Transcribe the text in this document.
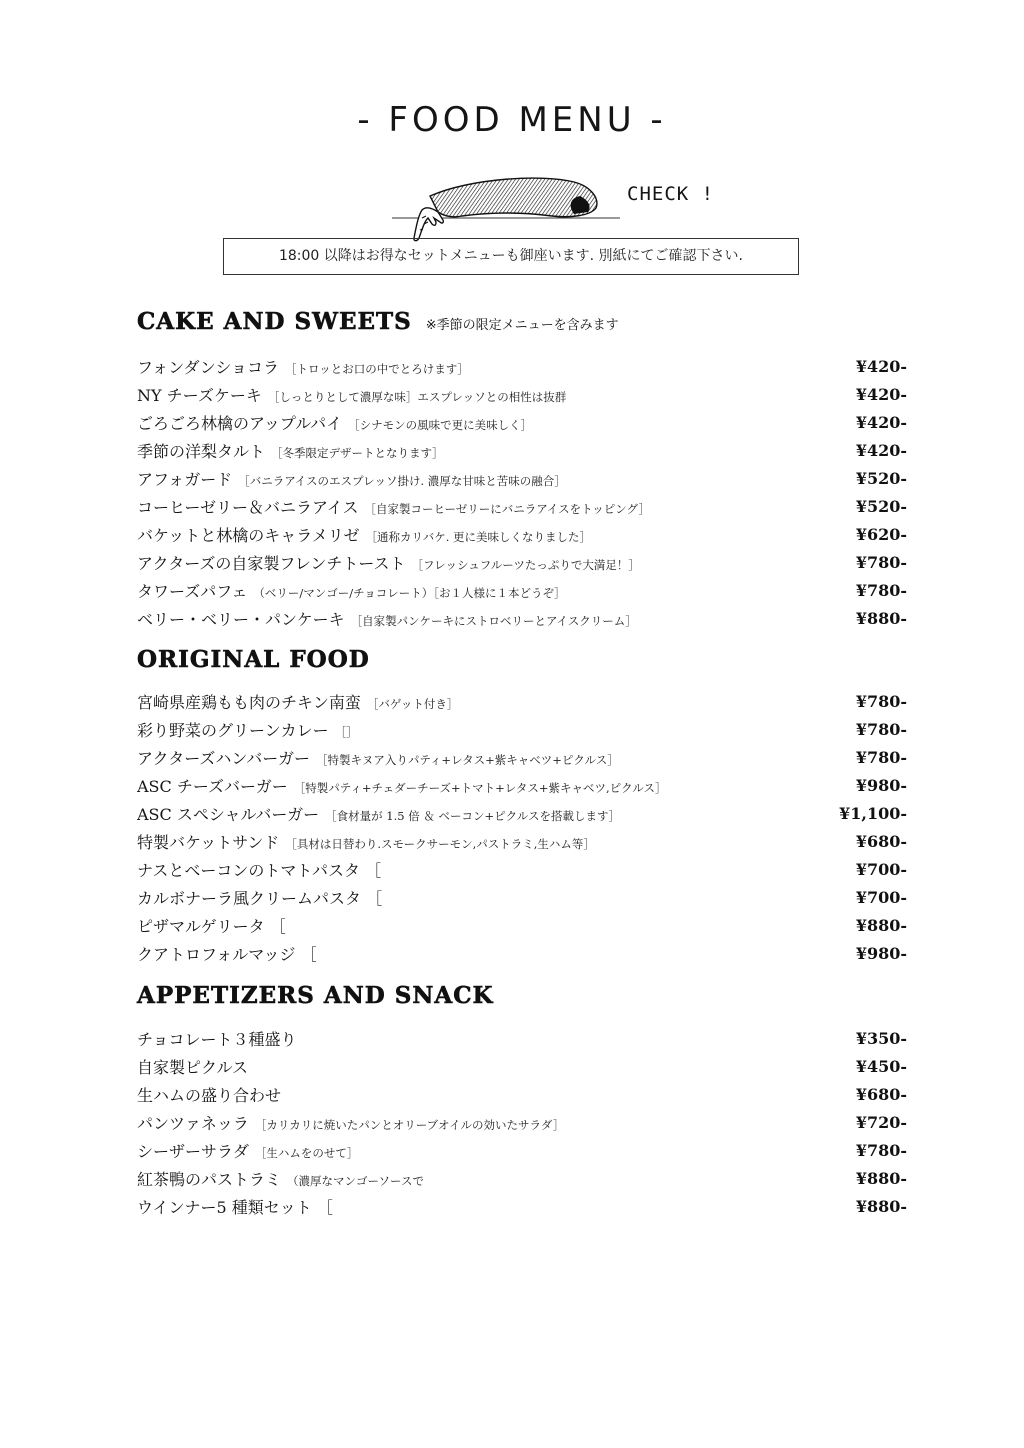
- FOOD MENU -
CHECK !
18:00 以降はお得なセットメニューも御座います. 別紙にてご確認下さい.
CAKE AND SWEETS ※季節の限定メニューを含みます
フォンダンショコラ ［トロッとお口の中でとろけます］	¥420-
NY チーズケーキ ［しっとりとして濃厚な味］エスプレッソとの相性は抜群	¥420-
ごろごろ林檎のアップルパイ ［シナモンの風味で更に美味しく］	¥420-
季節の洋梨タルト ［冬季限定デザートとなります］	¥420-
アフォガード ［バニラアイスのエスプレッソ掛け. 濃厚な甘味と苦味の融合］	¥520-
コーヒーゼリー＆バニラアイス ［自家製コーヒーゼリーにバニラアイスをトッピング］	¥520-
バケットと林檎のキャラメリゼ ［通称カリバケ. 更に美味しくなりました］	¥620-
アクターズの自家製フレンチトースト ［フレッシュフルーツたっぷりで大満足！］	¥780-
タワーズパフェ （ベリー/マンゴー/チョコレート）［お１人様に１本どうぞ］	¥780-
ベリー・ベリー・パンケーキ ［自家製パンケーキにストロベリーとアイスクリーム］	¥880-
ORIGINAL FOOD
宮崎県産鶏もも肉のチキン南蛮 ［バゲット付き］	¥780-
彩り野菜のグリーンカレー ［］	¥780-
アクターズハンバーガー ［特製キヌア入りパティ+レタス+紫キャベツ+ピクルス］	¥780-
ASC チーズバーガー ［特製パティ+チェダーチーズ+トマト+レタス+紫キャベツ,ピクルス］	¥980-
ASC スペシャルバーガー ［食材量が 1.5 倍 ＆ ベーコン+ピクルスを搭載します］	¥1,100-
特製バケットサンド ［具材は日替わり.スモークサーモン,パストラミ,生ハム等］	¥680-
ナスとベーコンのトマトパスタ ［	¥700-
カルボナーラ風クリームパスタ ［	¥700-
ピザマルゲリータ ［	¥880-
クアトロフォルマッジ ［	¥980-
APPETIZERS AND SNACK
チョコレート３種盛り	¥350-
自家製ピクルス	¥450-
生ハムの盛り合わせ	¥680-
パンツァネッラ ［カリカリに焼いたパンとオリーブオイルの効いたサラダ］	¥720-
シーザーサラダ ［生ハムをのせて］	¥780-
紅茶鴨のパストラミ （濃厚なマンゴーソースで	¥880-
ウインナー5 種類セット ［	¥880-
